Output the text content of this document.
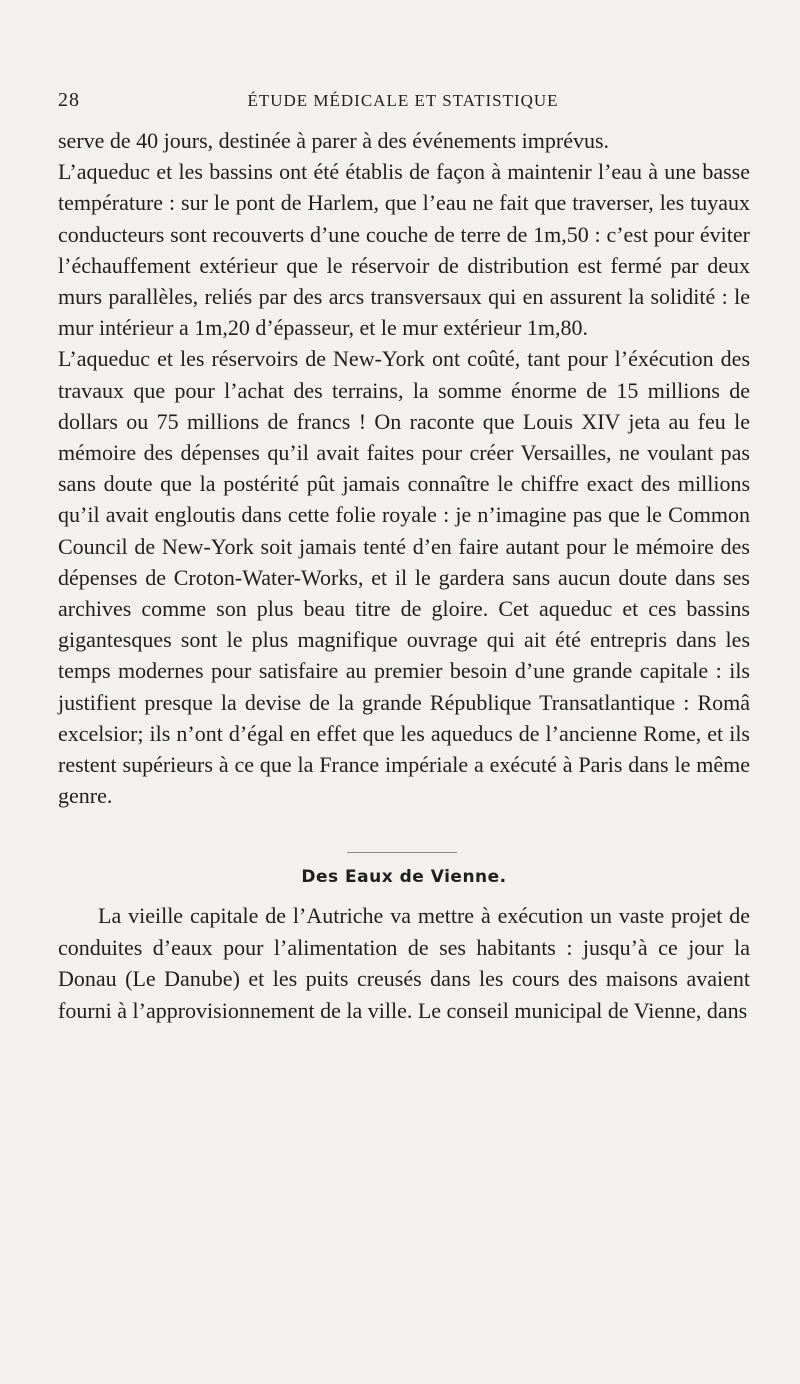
28	ÉTUDE MÉDICALE ET STATISTIQUE

serve de 40 jours, destinée à parer à des événements imprévus.

L’aqueduc et les bassins ont été établis de façon à maintenir l’eau à une basse température : sur le pont de Harlem, que l’eau ne fait que traverser, les tuyaux conducteurs sont recouverts d’une couche de terre de 1m,50 : c’est pour éviter l’échauffement extérieur que le réservoir de distribution est fermé par deux murs parallèles, reliés par des arcs transversaux qui en assurent la solidité : le mur intérieur a 1m,20 d’épasseur, et le mur extérieur 1m,80.

L’aqueduc et les réservoirs de New-York ont coûté, tant pour l’éxécution des travaux que pour l’achat des terrains, la somme énorme de 15 millions de dollars ou 75 millions de francs ! On raconte que Louis XIV jeta au feu le mémoire des dépenses qu’il avait faites pour créer Versailles, ne voulant pas sans doute que la postérité pût jamais connaître le chiffre exact des millions qu’il avait engloutis dans cette folie royale : je n’imagine pas que le Common Council de New-York soit jamais tenté d’en faire autant pour le mémoire des dépenses de Croton-Water-Works, et il le gardera sans aucun doute dans ses archives comme son plus beau titre de gloire. Cet aqueduc et ces bassins gigantesques sont le plus magnifique ouvrage qui ait été entrepris dans les temps modernes pour satisfaire au premier besoin d’une grande capitale : ils justifient presque la devise de la grande République Transatlantique : Româ excelsior; ils n’ont d’égal en effet que les aqueducs de l’ancienne Rome, et ils restent supérieurs à ce que la France impériale a exécuté à Paris dans le même genre.

Des Eaux de Vienne.

La vieille capitale de l’Autriche va mettre à exécution un vaste projet de conduites d’eaux pour l’alimentation de ses habitants : jusqu’à ce jour la Donau (Le Danube) et les puits creusés dans les cours des maisons avaient fourni à l’approvisionnement de la ville. Le conseil municipal de Vienne, dans
